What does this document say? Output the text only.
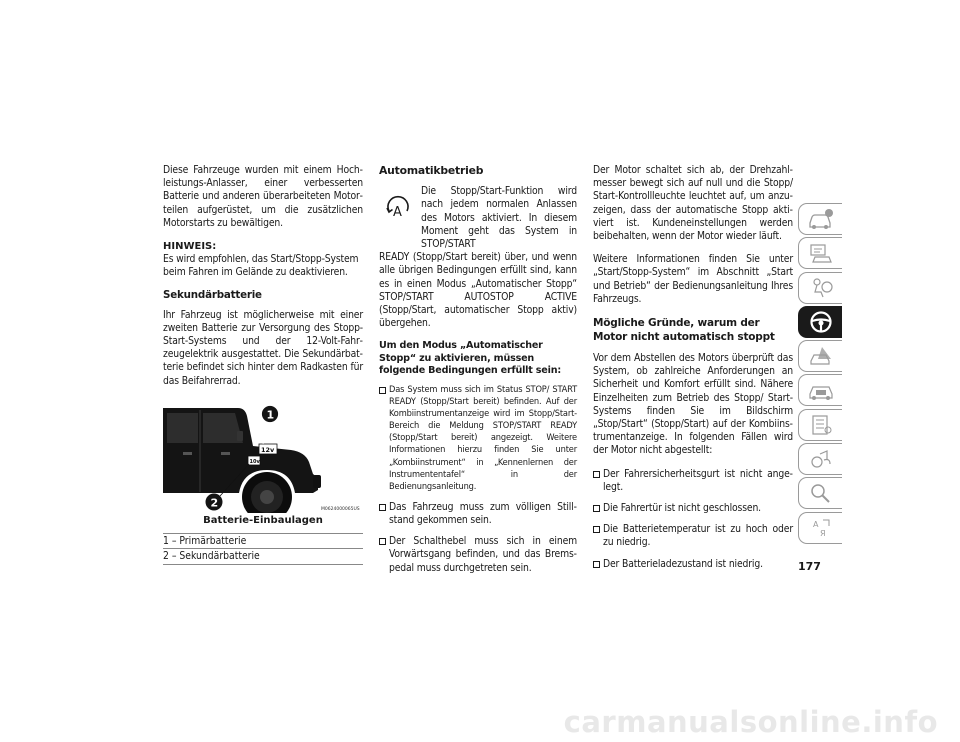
Diese Fahrzeuge wurden mit einem Hochleistungs-Anlasser, einer verbesserten Batterie und anderen überarbeiteten Motorteilen aufgerüstet, um die zusätzlichen Motorstarts zu bewältigen.

HINWEIS:

Es wird empfohlen, das Start/Stopp-System beim Fahren im Gelände zu deaktivieren.

Sekundärbatterie

Ihr Fahrzeug ist möglicherweise mit einer zweiten Batterie zur Versorgung des Stopp-Start-Systems und der 12-Volt-Fahrzeugelektrik ausgestattet. Die Sekundärbatterie befindet sich hinter dem Radkasten für das Beifahrerrad.

12v
10v
1
2	M0624000065US
Batterie-Einbaulagen
1 – Primärbatterie
2 – Sekundärbatterie
Automatikbetrieb
A

Die Stopp/Start-Funktion wird nach jedem normalen Anlassen des Motors aktiviert. In diesem Moment geht das System in STOP/START

READY (Stopp/Start bereit) über, und wenn alle übrigen Bedingungen erfüllt sind, kann es in einen Modus „Automatischer Stopp“ STOP/START AUTOSTOP ACTIVE (Stopp/Start, automatischer Stopp aktiv) übergehen.

Um den Modus „Automatischer Stopp“ zu aktivieren, müssen folgende Bedingungen erfüllt sein:
Das System muss sich im Status STOP/ START READY (Stopp/Start bereit) befinden. Auf der Kombiinstrumentanzeige wird im Stopp/Start-Bereich die Meldung STOP/START READY (Stopp/Start bereit) angezeigt. Weitere Informationen hierzu finden Sie unter „Kombiinstrument“ in „Kennenlernen der Instrumententafel“ in der Bedienungsanleitung.
Das Fahrzeug muss zum völligen Stillstand gekommen sein.
Der Schalthebel muss sich in einem Vorwärtsgang befinden, und das Bremspedal muss durchgetreten sein.

Der Motor schaltet sich ab, der Drehzahlmesser bewegt sich auf null und die Stopp/ Start-Kontrollleuchte leuchtet auf, um anzuzeigen, dass der automatische Stopp aktiviert ist. Kundeneinstellungen werden beibehalten, wenn der Motor wieder läuft.

Weitere Informationen finden Sie unter „Start/Stopp-System“ im Abschnitt „Start und Betrieb“ der Bedienungsanleitung Ihres Fahrzeugs.

Mögliche Gründe, warum der Motor nicht automatisch stoppt

Vor dem Abstellen des Motors überprüft das System, ob zahlreiche Anforderungen an Sicherheit und Komfort erfüllt sind. Nähere Einzelheiten zum Betrieb des Stopp/ Start-Systems finden Sie im Bildschirm „Stop/Start“ (Stopp/Start) auf der Kombiinstrumentanzeige. In folgenden Fällen wird der Motor nicht abgestellt:

Der Fahrersicherheitsgurt ist nicht angelegt.
Die Fahrertür ist nicht geschlossen.
Die Batterietemperatur ist zu hoch oder zu niedrig.
Der Batterieladezustand ist niedrig.	177
A
Я
carmanualsonline.info
